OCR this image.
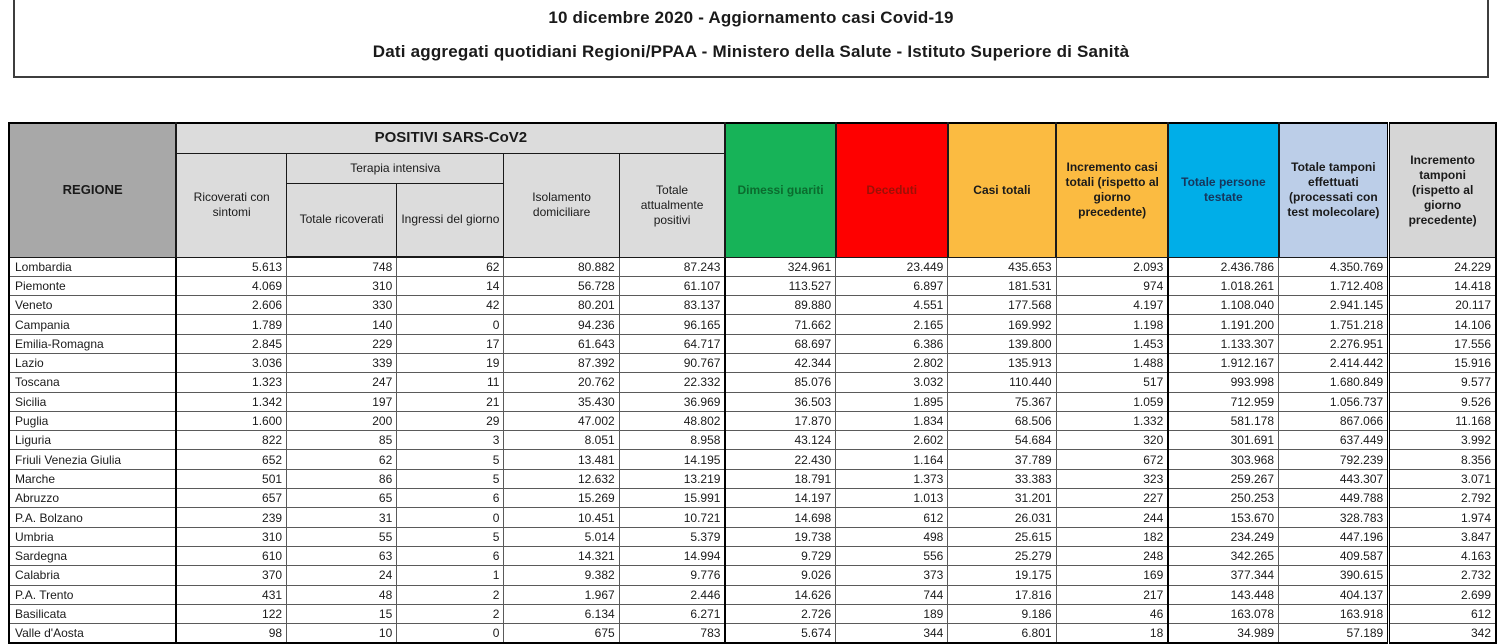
10 dicembre 2020 - Aggiornamento casi Covid-19
Dati aggregati quotidiani Regioni/PPAA - Ministero della Salute - Istituto Superiore di Sanità
REGIONE	POSITIVI SARS-CoV2					Dimessi guariti	Deceduti	Casi totali	Incremento casi totali (rispetto al giorno precedente)	Totale persone testate	Totale tamponi effettuati (processati con test molecolare)	Incremento tamponi (rispetto al giorno precedente)
	Ricoverati con sintomi	Terapia intensiva		Isolamento domiciliare	Totale attualmente positivi							
		Totale ricoverati	Ingressi del giorno									
Lombardia	5.613	748	62	80.882	87.243	324.961	23.449	435.653	2.093	2.436.786	4.350.769	24.229
Piemonte	4.069	310	14	56.728	61.107	113.527	6.897	181.531	974	1.018.261	1.712.408	14.418
Veneto	2.606	330	42	80.201	83.137	89.880	4.551	177.568	4.197	1.108.040	2.941.145	20.117
Campania	1.789	140	0	94.236	96.165	71.662	2.165	169.992	1.198	1.191.200	1.751.218	14.106
Emilia-Romagna	2.845	229	17	61.643	64.717	68.697	6.386	139.800	1.453	1.133.307	2.276.951	17.556
Lazio	3.036	339	19	87.392	90.767	42.344	2.802	135.913	1.488	1.912.167	2.414.442	15.916
Toscana	1.323	247	11	20.762	22.332	85.076	3.032	110.440	517	993.998	1.680.849	9.577
Sicilia	1.342	197	21	35.430	36.969	36.503	1.895	75.367	1.059	712.959	1.056.737	9.526
Puglia	1.600	200	29	47.002	48.802	17.870	1.834	68.506	1.332	581.178	867.066	11.168
Liguria	822	85	3	8.051	8.958	43.124	2.602	54.684	320	301.691	637.449	3.992
Friuli Venezia Giulia	652	62	5	13.481	14.195	22.430	1.164	37.789	672	303.968	792.239	8.356
Marche	501	86	5	12.632	13.219	18.791	1.373	33.383	323	259.267	443.307	3.071
Abruzzo	657	65	6	15.269	15.991	14.197	1.013	31.201	227	250.253	449.788	2.792
P.A. Bolzano	239	31	0	10.451	10.721	14.698	612	26.031	244	153.670	328.783	1.974
Umbria	310	55	5	5.014	5.379	19.738	498	25.615	182	234.249	447.196	3.847
Sardegna	610	63	6	14.321	14.994	9.729	556	25.279	248	342.265	409.587	4.163
Calabria	370	24	1	9.382	9.776	9.026	373	19.175	169	377.344	390.615	2.732
P.A. Trento	431	48	2	1.967	2.446	14.626	744	17.816	217	143.448	404.137	2.699
Basilicata	122	15	2	6.134	6.271	2.726	189	9.186	46	163.078	163.918	612
Valle d'Aosta	98	10	0	675	783	5.674	344	6.801	18	34.989	57.189	342
